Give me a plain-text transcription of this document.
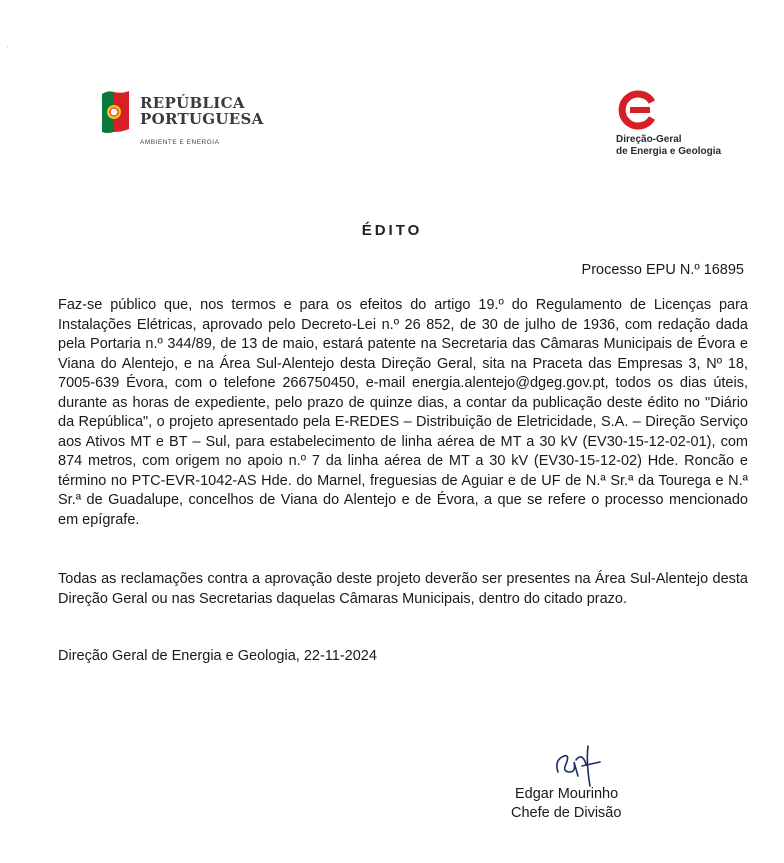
'
REPÚBLICA
PORTUGUESA
AMBIENTE E ENERGIA	Direção-Geral
de Energia e Geologia
ÉDITO
Processo EPU N.º 16895
Faz-se público que, nos termos e para os efeitos do artigo 19.º do Regulamento de Licenças para Instalações Elétricas, aprovado pelo Decreto-Lei n.º 26 852, de 30 de julho de 1936, com redação dada pela Portaria n.º 344/89, de 13 de maio, estará patente na Secretaria das Câmaras Municipais de Évora e Viana do Alentejo, e na Área Sul-Alentejo desta Direção Geral, sita na Praceta das Empresas 3, Nº 18, 7005-639 Évora, com o telefone 266750450, e-mail energia.alentejo@dgeg.gov.pt, todos os dias úteis, durante as horas de expediente, pelo prazo de quinze dias, a contar da publicação deste édito no "Diário da República", o projeto apresentado pela E-REDES – Distribuição de Eletricidade, S.A. – Direção Serviço aos Ativos MT e BT – Sul, para estabelecimento de linha aérea de MT a 30 kV (EV30-15-12-02-01), com 874 metros, com origem no apoio n.º 7 da linha aérea de MT a 30 kV (EV30-15-12-02) Hde. Roncão e término no PTC-EVR-1042-AS Hde. do Marnel, freguesias de Aguiar e de UF de N.ª Sr.ª da Tourega e N.ª Sr.ª de Guadalupe, concelhos de Viana do Alentejo e de Évora, a que se refere o processo mencionado em epígrafe.
Todas as reclamações contra a aprovação deste projeto deverão ser presentes na Área Sul-Alentejo desta Direção Geral ou nas Secretarias daquelas Câmaras Municipais, dentro do citado prazo.
Direção Geral de Energia e Geologia, 22-11-2024
Edgar Mourinho
Chefe de Divisão
